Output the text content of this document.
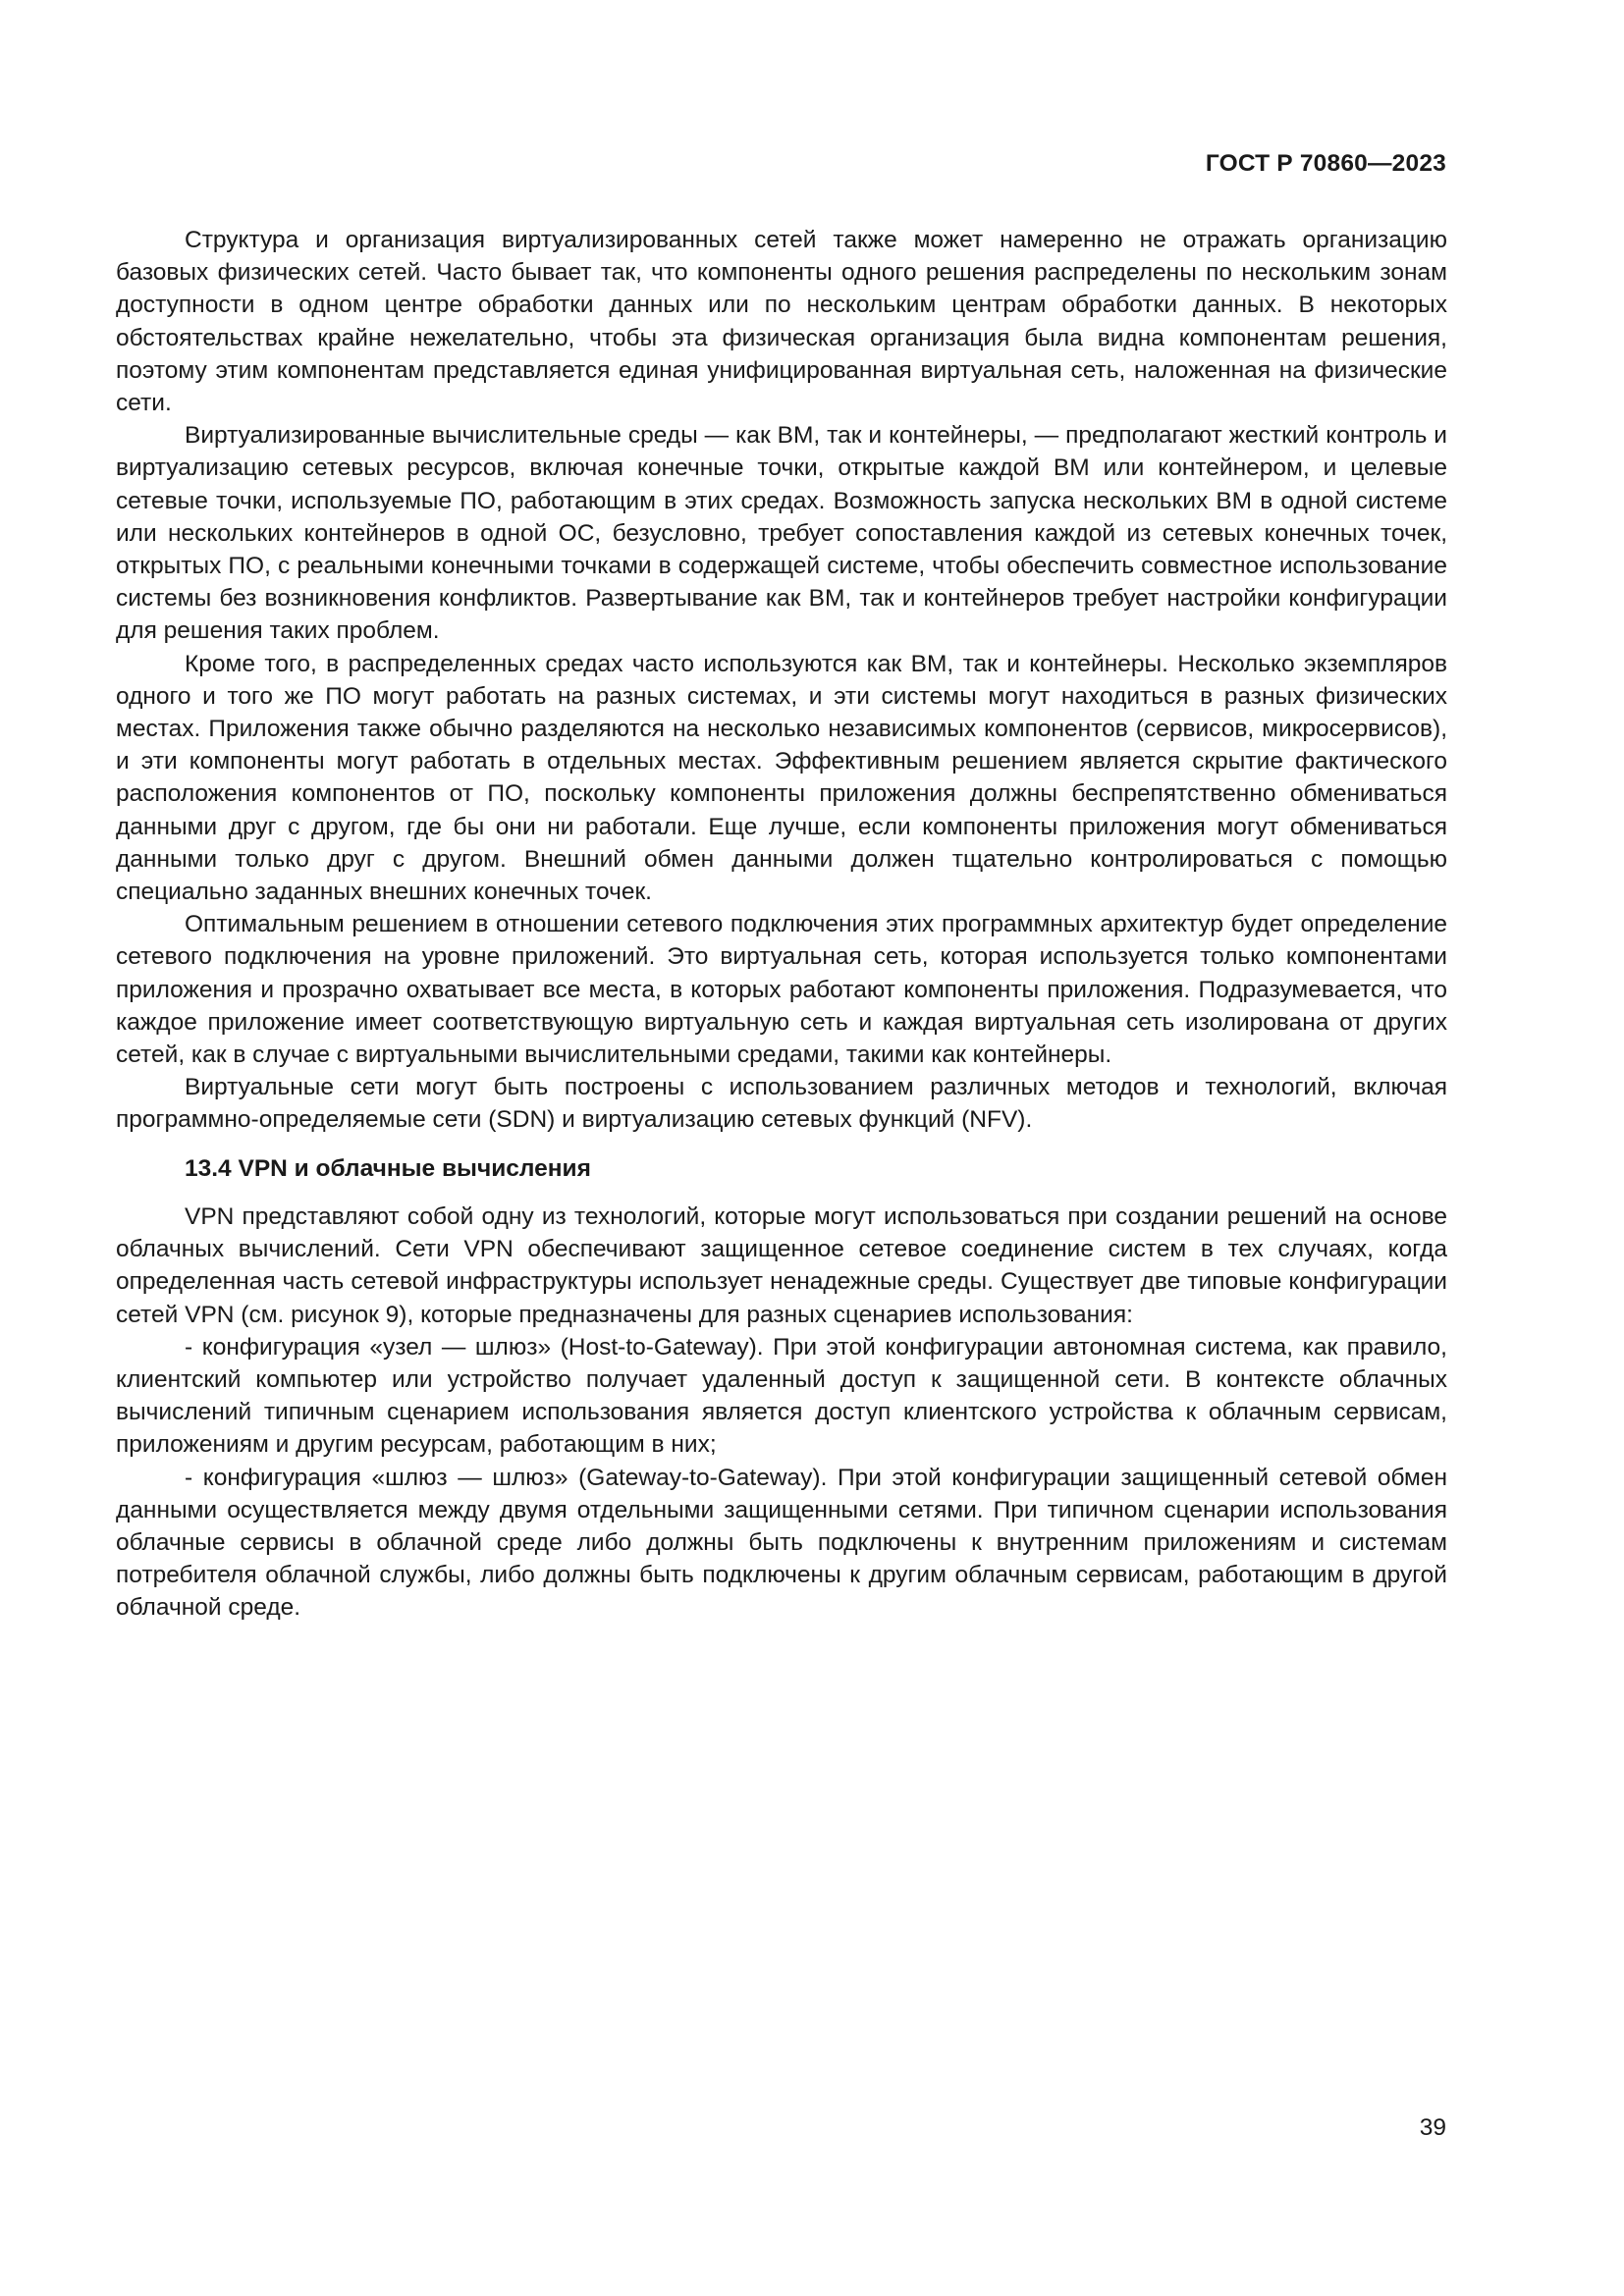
ГОСТ Р 70860—2023

Структура и организация виртуализированных сетей также может намеренно не отражать организацию базовых физических сетей. Часто бывает так, что компоненты одного решения распределены по нескольким зонам доступности в одном центре обработки данных или по нескольким центрам обработки данных. В некоторых обстоятельствах крайне нежелательно, чтобы эта физическая организация была видна компонентам решения, поэтому этим компонентам представляется единая унифицированная виртуальная сеть, наложенная на физические сети.

Виртуализированные вычислительные среды — как ВМ, так и контейнеры, — предполагают жесткий контроль и виртуализацию сетевых ресурсов, включая конечные точки, открытые каждой ВМ или контейнером, и целевые сетевые точки, используемые ПО, работающим в этих средах. Возможность запуска нескольких ВМ в одной системе или нескольких контейнеров в одной ОС, безусловно, требует сопоставления каждой из сетевых конечных точек, открытых ПО, с реальными конечными точками в содержащей системе, чтобы обеспечить совместное использование системы без возникновения конфликтов. Развертывание как ВМ, так и контейнеров требует настройки конфигурации для решения таких проблем.

Кроме того, в распределенных средах часто используются как ВМ, так и контейнеры. Несколько экземпляров одного и того же ПО могут работать на разных системах, и эти системы могут находиться в разных физических местах. Приложения также обычно разделяются на несколько независимых компонентов (сервисов, микросервисов), и эти компоненты могут работать в отдельных местах. Эффективным решением является скрытие фактического расположения компонентов от ПО, поскольку компоненты приложения должны беспрепятственно обмениваться данными друг с другом, где бы они ни работали. Еще лучше, если компоненты приложения могут обмениваться данными только друг с другом. Внешний обмен данными должен тщательно контролироваться с помощью специально заданных внешних конечных точек.

Оптимальным решением в отношении сетевого подключения этих программных архитектур будет определение сетевого подключения на уровне приложений. Это виртуальная сеть, которая используется только компонентами приложения и прозрачно охватывает все места, в которых работают компоненты приложения. Подразумевается, что каждое приложение имеет соответствующую виртуальную сеть и каждая виртуальная сеть изолирована от других сетей, как в случае с виртуальными вычислительными средами, такими как контейнеры.

Виртуальные сети могут быть построены с использованием различных методов и технологий, включая программно-определяемые сети (SDN) и виртуализацию сетевых функций (NFV).

13.4 VPN и облачные вычисления

VPN представляют собой одну из технологий, которые могут использоваться при создании решений на основе облачных вычислений. Сети VPN обеспечивают защищенное сетевое соединение систем в тех случаях, когда определенная часть сетевой инфраструктуры использует ненадежные среды. Существует две типовые конфигурации сетей VPN (см. рисунок 9), которые предназначены для разных сценариев использования:

- конфигурация «узел — шлюз» (Host-to-Gateway). При этой конфигурации автономная система, как правило, клиентский компьютер или устройство получает удаленный доступ к защищенной сети. В контексте облачных вычислений типичным сценарием использования является доступ клиентского устройства к облачным сервисам, приложениям и другим ресурсам, работающим в них;

- конфигурация «шлюз — шлюз» (Gateway-to-Gateway). При этой конфигурации защищенный сетевой обмен данными осуществляется между двумя отдельными защищенными сетями. При типичном сценарии использования облачные сервисы в облачной среде либо должны быть подключены к внутренним приложениям и системам потребителя облачной службы, либо должны быть подключены к другим облачным сервисам, работающим в другой облачной среде.

39
